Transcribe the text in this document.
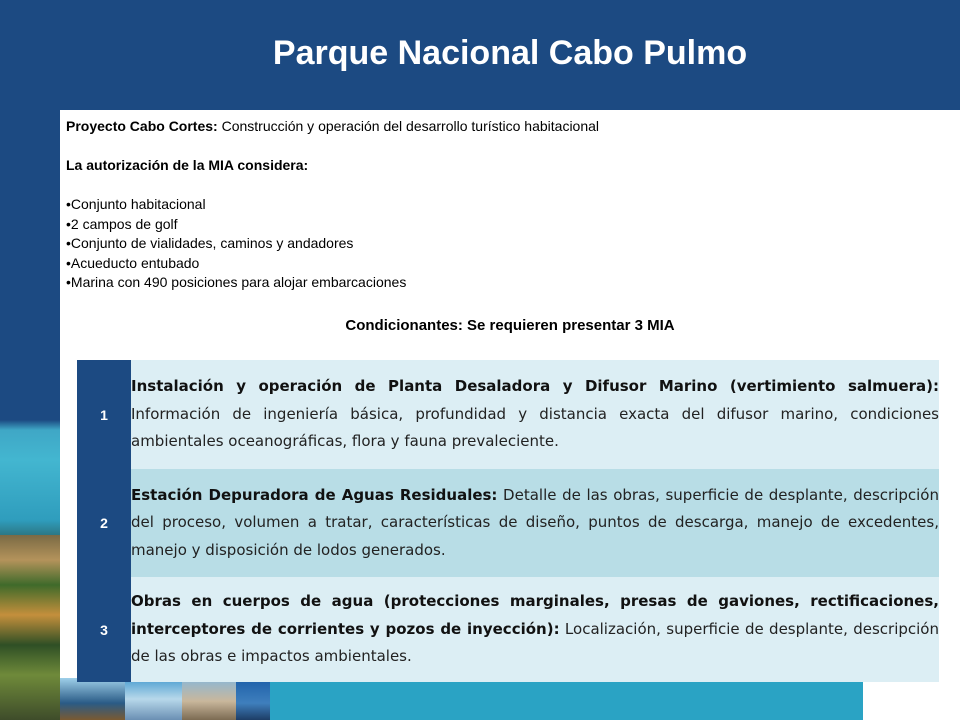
Parque Nacional Cabo Pulmo
Proyecto Cabo Cortes: Construcción y operación del desarrollo turístico habitacional
La autorización de la MIA considera:
•Conjunto habitacional
•2 campos de golf
•Conjunto de vialidades, caminos y andadores
•Acueducto entubado
•Marina con 490 posiciones para alojar embarcaciones
Condicionantes: Se requieren presentar 3 MIA
1	Instalación y operación de Planta Desaladora y Difusor Marino (vertimiento salmuera): Información de ingeniería básica, profundidad y distancia exacta del difusor marino, condiciones ambientales oceanográficas, flora y fauna prevaleciente.
2	Estación Depuradora de Aguas Residuales: Detalle de las obras, superficie de desplante, descripción del proceso, volumen a tratar, características de diseño, puntos de descarga, manejo de excedentes, manejo y disposición de lodos generados.
3	Obras en cuerpos de agua (protecciones marginales, presas de gaviones, rectificaciones, interceptores de corrientes y pozos de inyección): Localización, superficie de desplante, descripción de las obras e impactos ambientales.
